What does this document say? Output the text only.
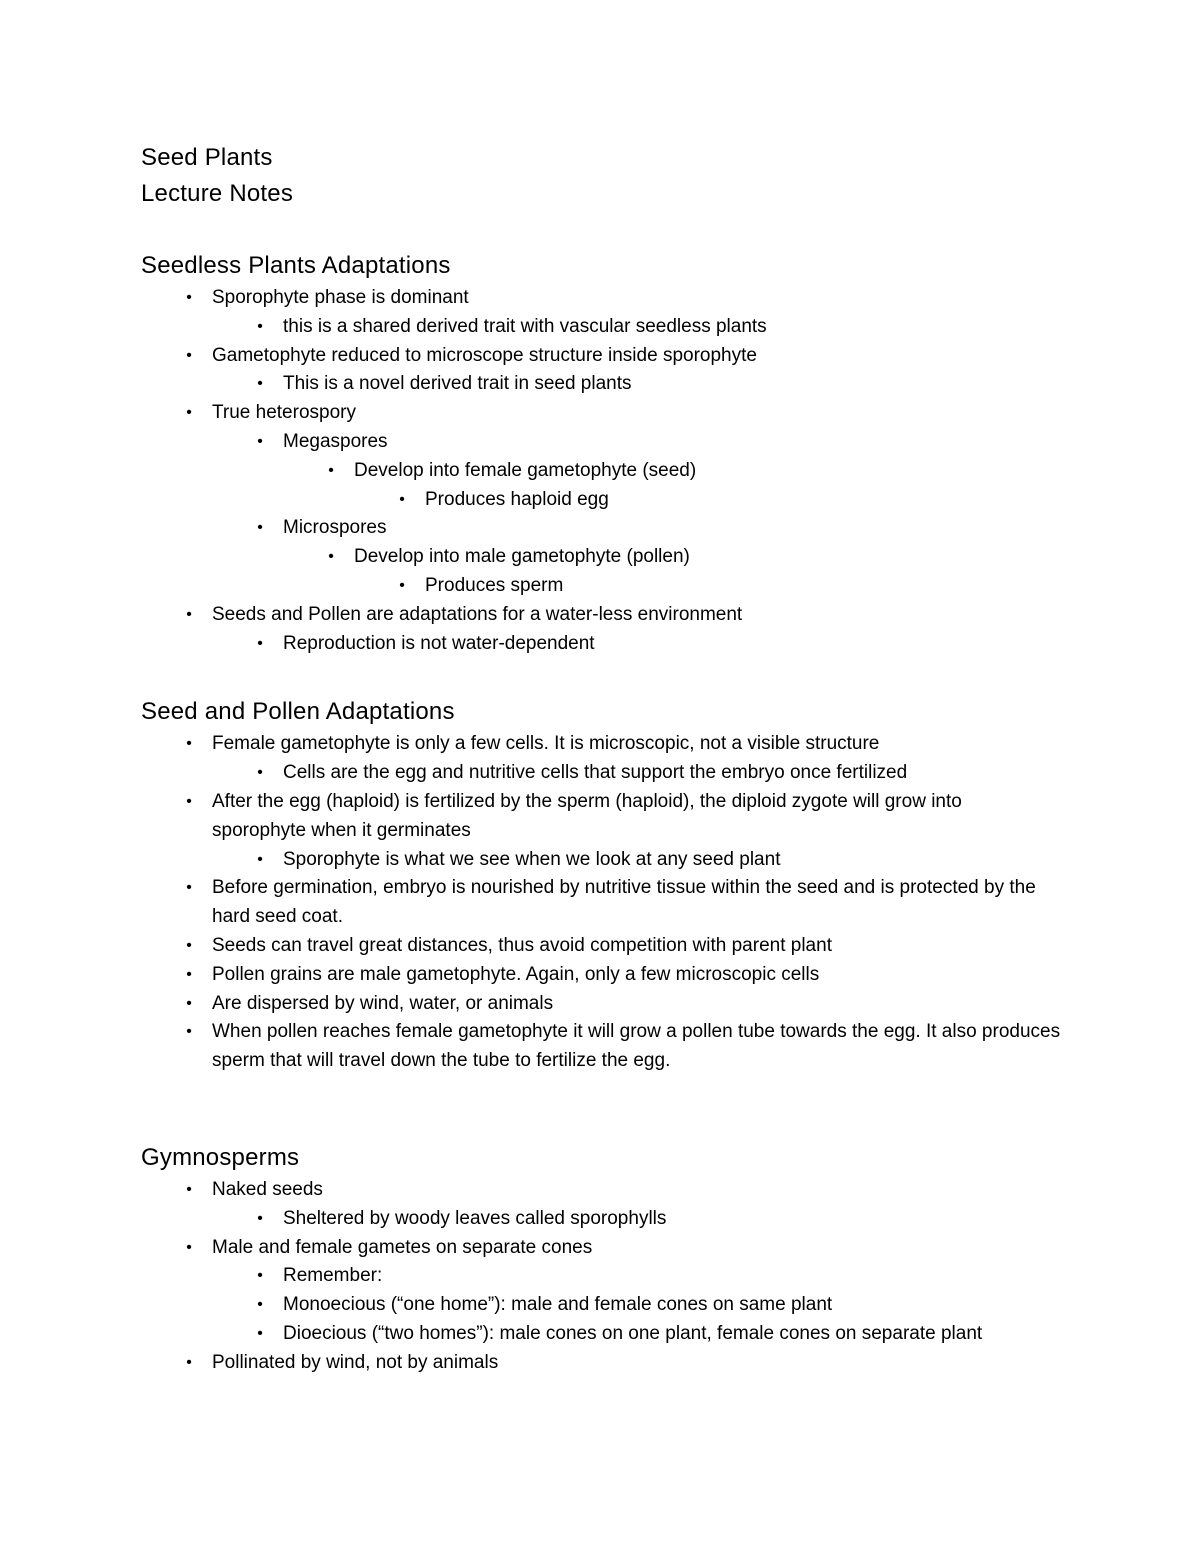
Seed Plants
Lecture Notes
Seedless Plants Adaptations
•	Sporophyte phase is dominant
•	this is a shared derived trait with vascular seedless plants
•	Gametophyte reduced to microscope structure inside sporophyte
•	This is a novel derived trait in seed plants
•	True heterospory
•	Megaspores
•	Develop into female gametophyte (seed)
•	Produces haploid egg
•	Microspores
•	Develop into male gametophyte (pollen)
•	Produces sperm
•	Seeds and Pollen are adaptations for a water-less environment
•	Reproduction is not water-dependent
Seed and Pollen Adaptations
•	Female gametophyte is only a few cells. It is microscopic, not a visible structure
•	Cells are the egg and nutritive cells that support the embryo once fertilized
•	After the egg (haploid) is fertilized by the sperm (haploid), the diploid zygote will grow into sporophyte when it germinates
•	Sporophyte is what we see when we look at any seed plant
•	Before germination, embryo is nourished by nutritive tissue within the seed and is protected by the hard seed coat.
•	Seeds can travel great distances, thus avoid competition with parent plant
•	Pollen grains are male gametophyte. Again, only a few microscopic cells
•	Are dispersed by wind, water, or animals
•	When pollen reaches female gametophyte it will grow a pollen tube towards the egg. It also produces sperm that will travel down the tube to fertilize the egg.
Gymnosperms
•	Naked seeds
•	Sheltered by woody leaves called sporophylls
•	Male and female gametes on separate cones
•	Remember:
•	Monoecious (“one home”): male and female cones on same plant
•	Dioecious (“two homes”): male cones on one plant, female cones on separate plant
•	Pollinated by wind, not by animals
